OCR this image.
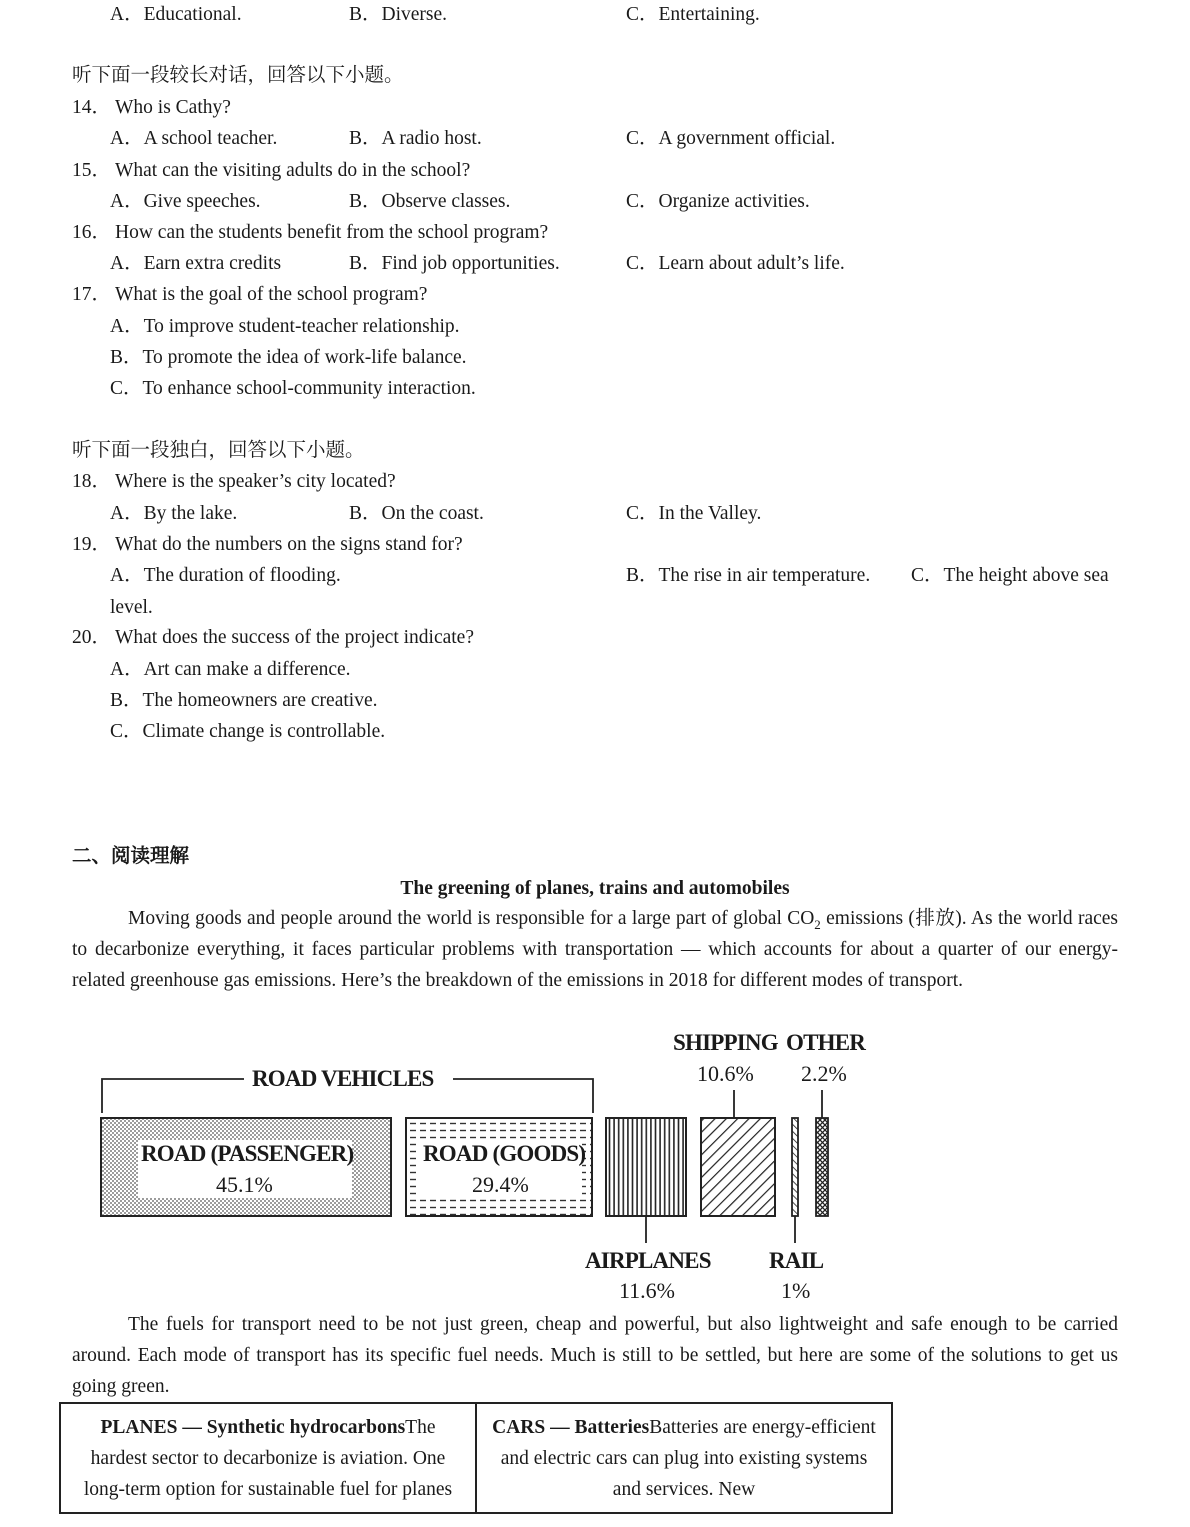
A．Educational.	B．Diverse.	C．Entertaining.
听下面一段较长对话，回答以下小题。
14． Who is Cathy?
A．A school teacher.	B．A radio host.	C．A government official.
15． What can the visiting adults do in the school?
A．Give speeches.	B．Observe classes.	C．Organize activities.
16． How can the students benefit from the school program?
A．Earn extra credits	B．Find job opportunities.	C．Learn about adult’s life.
17． What is the goal of the school program?
A．To improve student-teacher relationship.
B．To promote the idea of work-life balance.
C．To enhance school-community interaction.
听下面一段独白，回答以下小题。
18． Where is the speaker’s city located?
A．By the lake.	B．On the coast.	C．In the Valley.
19． What do the numbers on the signs stand for?
A．The duration of flooding.	B．The rise in air temperature. C．The height above sea
level.
20． What does the success of the project indicate?
A．Art can make a difference.
B．The homeowners are creative.
C．Climate change is controllable.
二、阅读理解
The greening of planes, trains and automobiles
Moving goods and people around the world is responsible for a large part of global $CO_2$ emissions (排放). As the world races to decarbonize everything, it faces particular problems with transportation — which accounts for about a quarter of our energy-related greenhouse gas emissions. Here’s the breakdown of the emissions in 2018 for different modes of transport.
ROAD VEHICLES
ROAD (PASSENGER)
45.1%
ROAD (GOODS)
29.4%
AIRPLANES
11.6%
SHIPPING
10.6%
RAIL
1%
OTHER
2.2%
The fuels for transport need to be not just green, cheap and powerful, but also lightweight and safe enough to be carried around. Each mode of transport has its specific fuel needs. Much is still to be settled, but here are some of the solutions to get us going green.
PLANES — Synthetic hydrocarbonsThe hardest sector to decarbonize is aviation. One long-term option for sustainable fuel for planes	CARS — BatteriesBatteries are energy-efficient and electric cars can plug into existing systems and services. New
